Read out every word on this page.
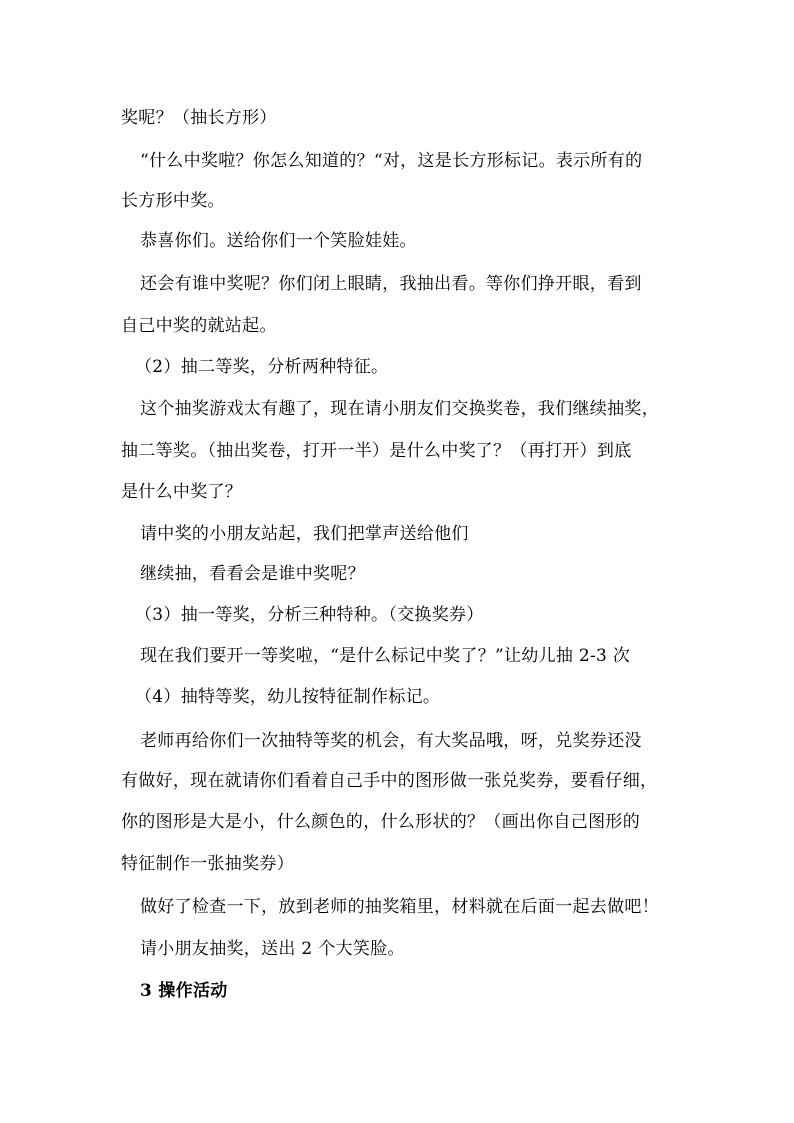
奖呢？（抽长方形）
“什么中奖啦？你怎么知道的？“对，这是长方形标记。表示所有的
长方形中奖。
恭喜你们。送给你们一个笑脸娃娃。
还会有谁中奖呢？你们闭上眼睛，我抽出看。等你们挣开眼，看到
自己中奖的就站起。
（2）抽二等奖，分析两种特征。
这个抽奖游戏太有趣了，现在请小朋友们交换奖卷，我们继续抽奖，
抽二等奖。（抽出奖卷，打开一半）是什么中奖了？（再打开）到底
是什么中奖了？
请中奖的小朋友站起，我们把掌声送给他们
继续抽，看看会是谁中奖呢？
（3）抽一等奖，分析三种特种。（交换奖券）
现在我们要开一等奖啦，“是什么标记中奖了？”让幼儿抽 2-3 次
（4）抽特等奖，幼儿按特征制作标记。
老师再给你们一次抽特等奖的机会，有大奖品哦，呀，兑奖券还没
有做好，现在就请你们看着自己手中的图形做一张兑奖券，要看仔细，
你的图形是大是小，什么颜色的，什么形状的？（画出你自己图形的
特征制作一张抽奖券）
做好了检查一下，放到老师的抽奖箱里，材料就在后面一起去做吧！
请小朋友抽奖，送出 2 个大笑脸。
3 操作活动
